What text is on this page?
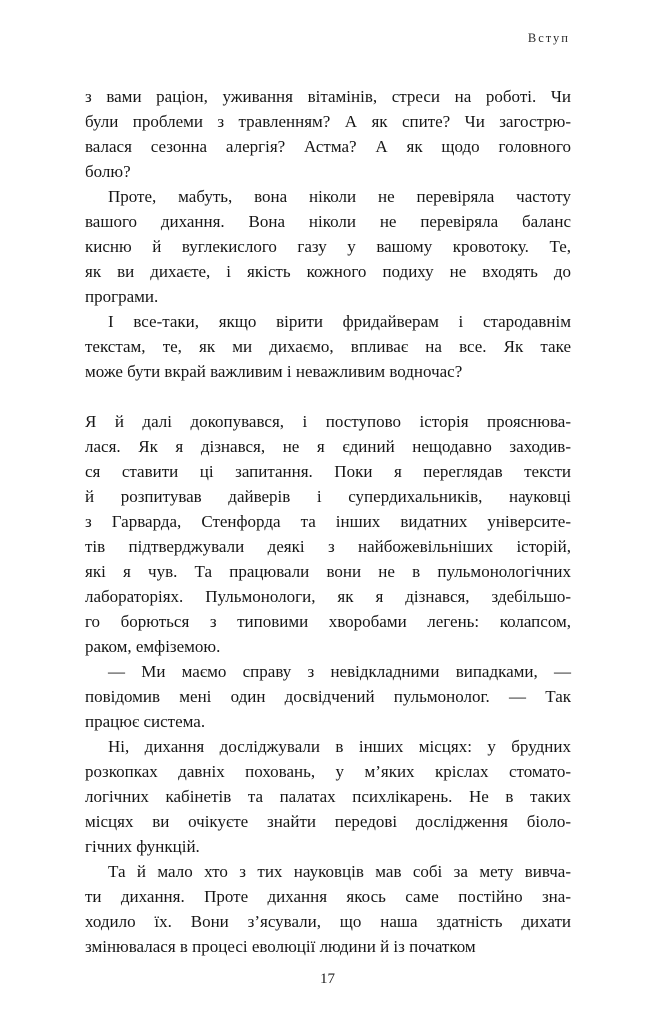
Вступ
з вами раціон, уживання вітамінів, стреси на роботі. Чи
були проблеми з травленням? А як спите? Чи загострю-
валася сезонна алергія? Астма? А як щодо головного
болю?
Проте, мабуть, вона ніколи не перевіряла частоту
вашого дихання. Вона ніколи не перевіряла баланс
кисню й вуглекислого газу у вашому кровотоку. Те,
як ви дихаєте, і якість кожного подиху не входять до
програми.
І все-таки, якщо вірити фридайверам і стародавнім
текстам, те, як ми дихаємо, впливає на все. Як таке
може бути вкрай важливим і неважливим водночас?
Я й далі докопувався, і поступово історія прояснюва-
лася. Як я дізнався, не я єдиний нещодавно заходив-
ся ставити ці запитання. Поки я переглядав тексти
й розпитував дайверів і супердихальників, науковці
з Гарварда, Стенфорда та інших видатних університе-
тів підтверджували деякі з найбожевільніших історій,
які я чув. Та працювали вони не в пульмонологічних
лабораторіях. Пульмонологи, як я дізнався, здебільшо-
го борються з типовими хворобами легень: колапсом,
раком, емфіземою.
— Ми маємо справу з невідкладними випадками, —
повідомив мені один досвідчений пульмонолог. — Так
працює система.
Ні, дихання досліджували в інших місцях: у брудних
розкопках давніх поховань, у м’яких кріслах стомато-
логічних кабінетів та палатах психлікарень. Не в таких
місцях ви очікуєте знайти передові дослідження біоло-
гічних функцій.
Та й мало хто з тих науковців мав собі за мету вивча-
ти дихання. Проте дихання якось саме постійно зна-
ходило їх. Вони з’ясували, що наша здатність дихати
змінювалася в процесі еволюції людини й із початком
17
